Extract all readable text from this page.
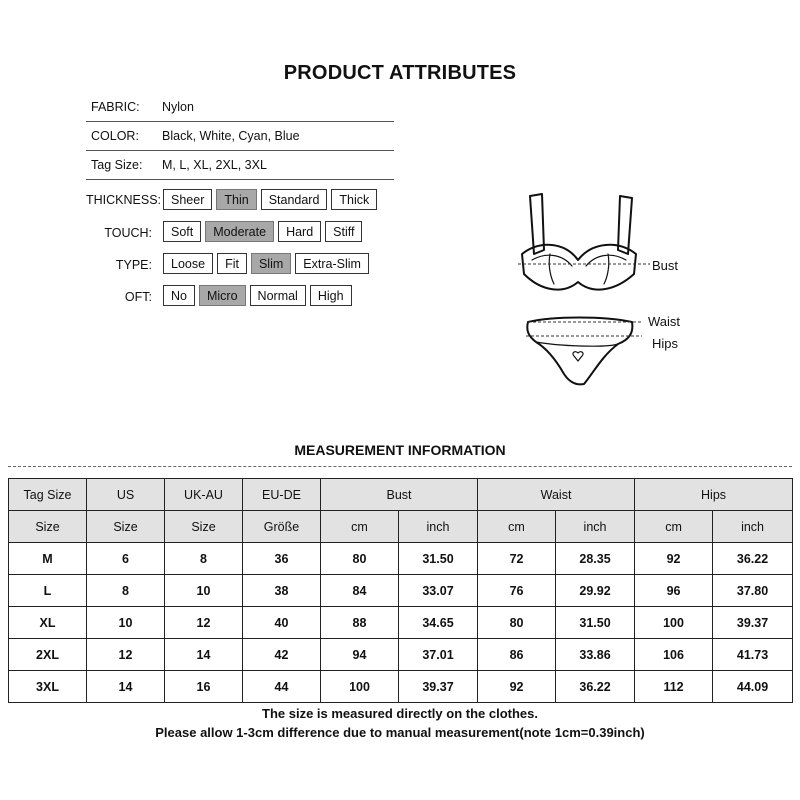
PRODUCT ATTRIBUTES
FABRIC: Nylon
COLOR: Black, White, Cyan, Blue
Tag Size: M, L, XL, 2XL, 3XL
THICKNESS: Sheer	Thin	Standard	Thick
TOUCH:	Soft	Moderate	Hard	Stiff
TYPE:	Loose	Fit	Slim	Extra-Slim
OFT:	No	Micro	Normal	High
Bust
Waist
Hips
MEASUREMENT INFORMATION
Tag Size	US	UK-AU	EU-DE	Bust		Waist		Hips	
Size	Size	Size	Größe	cm	inch	cm	inch	cm	inch
M	6	8	36	80	31.50	72	28.35	92	36.22
L	8	10	38	84	33.07	76	29.92	96	37.80
XL	10	12	40	88	34.65	80	31.50	100	39.37
2XL	12	14	42	94	37.01	86	33.86	106	41.73
3XL	14	16	44	100	39.37	92	36.22	112	44.09
The size is measured directly on the clothes.
Please allow 1-3cm difference due to manual measurement(note 1cm=0.39inch)
